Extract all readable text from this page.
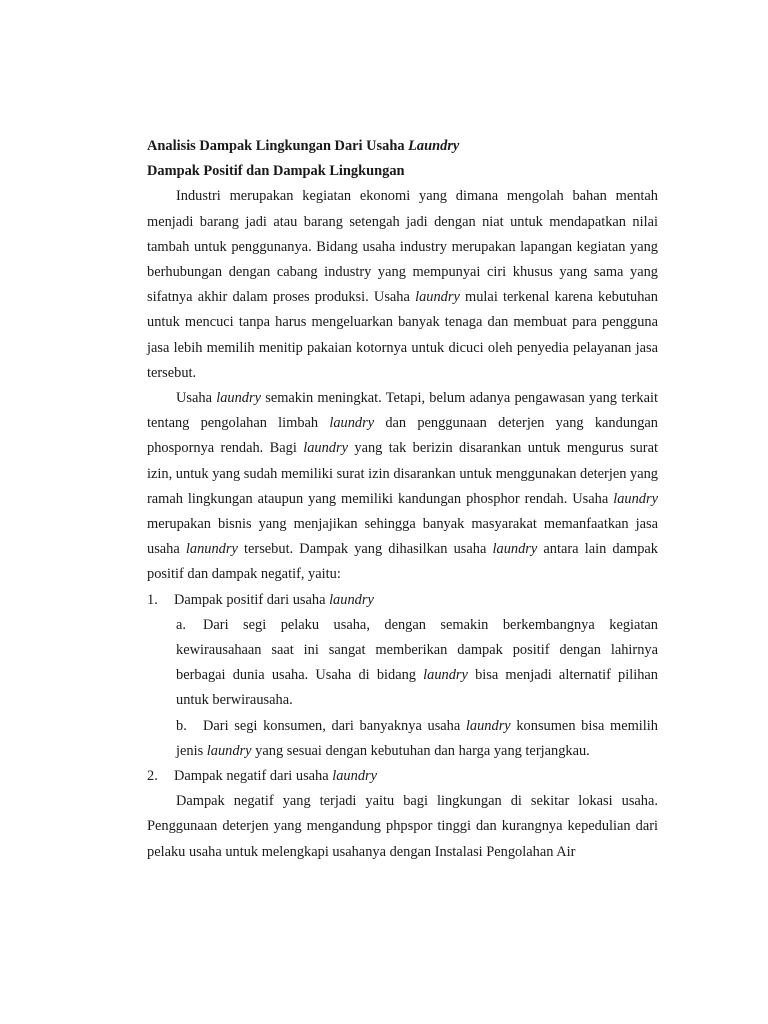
Analisis Dampak Lingkungan Dari Usaha Laundry

Dampak Positif dan Dampak Lingkungan

Industri merupakan kegiatan ekonomi yang dimana mengolah bahan mentah menjadi barang jadi atau barang setengah jadi dengan niat untuk mendapatkan nilai tambah untuk penggunanya. Bidang usaha industry merupakan lapangan kegiatan yang berhubungan dengan cabang industry yang mempunyai ciri khusus yang sama yang sifatnya akhir dalam proses produksi. Usaha laundry mulai terkenal karena kebutuhan untuk mencuci tanpa harus mengeluarkan banyak tenaga dan membuat para pengguna jasa lebih memilih menitip pakaian kotornya untuk dicuci oleh penyedia pelayanan jasa tersebut.

Usaha laundry semakin meningkat. Tetapi, belum adanya pengawasan yang terkait tentang pengolahan limbah laundry dan penggunaan deterjen yang kandungan phospornya rendah. Bagi laundry yang tak berizin disarankan untuk mengurus surat izin, untuk yang sudah memiliki surat izin disarankan untuk menggunakan deterjen yang ramah lingkungan ataupun yang memiliki kandungan phosphor rendah. Usaha laundry merupakan bisnis yang menjajikan sehingga banyak masyarakat memanfaatkan jasa usaha lanundry tersebut. Dampak yang dihasilkan usaha laundry antara lain dampak positif dan dampak negatif, yaitu:

1.	Dampak positif dari usaha laundry

a. Dari segi pelaku usaha, dengan semakin berkembangnya kegiatan kewirausahaan saat ini sangat memberikan dampak positif dengan lahirnya berbagai dunia usaha. Usaha di bidang laundry bisa menjadi alternatif pilihan untuk berwirausaha.

b. Dari segi konsumen, dari banyaknya usaha laundry konsumen bisa memilih jenis laundry yang sesuai dengan kebutuhan dan harga yang terjangkau.

2.	Dampak negatif dari usaha laundry

Dampak negatif yang terjadi yaitu bagi lingkungan di sekitar lokasi usaha. Penggunaan deterjen yang mengandung phpspor tinggi dan kurangnya kepedulian dari pelaku usaha untuk melengkapi usahanya dengan Instalasi Pengolahan Air
